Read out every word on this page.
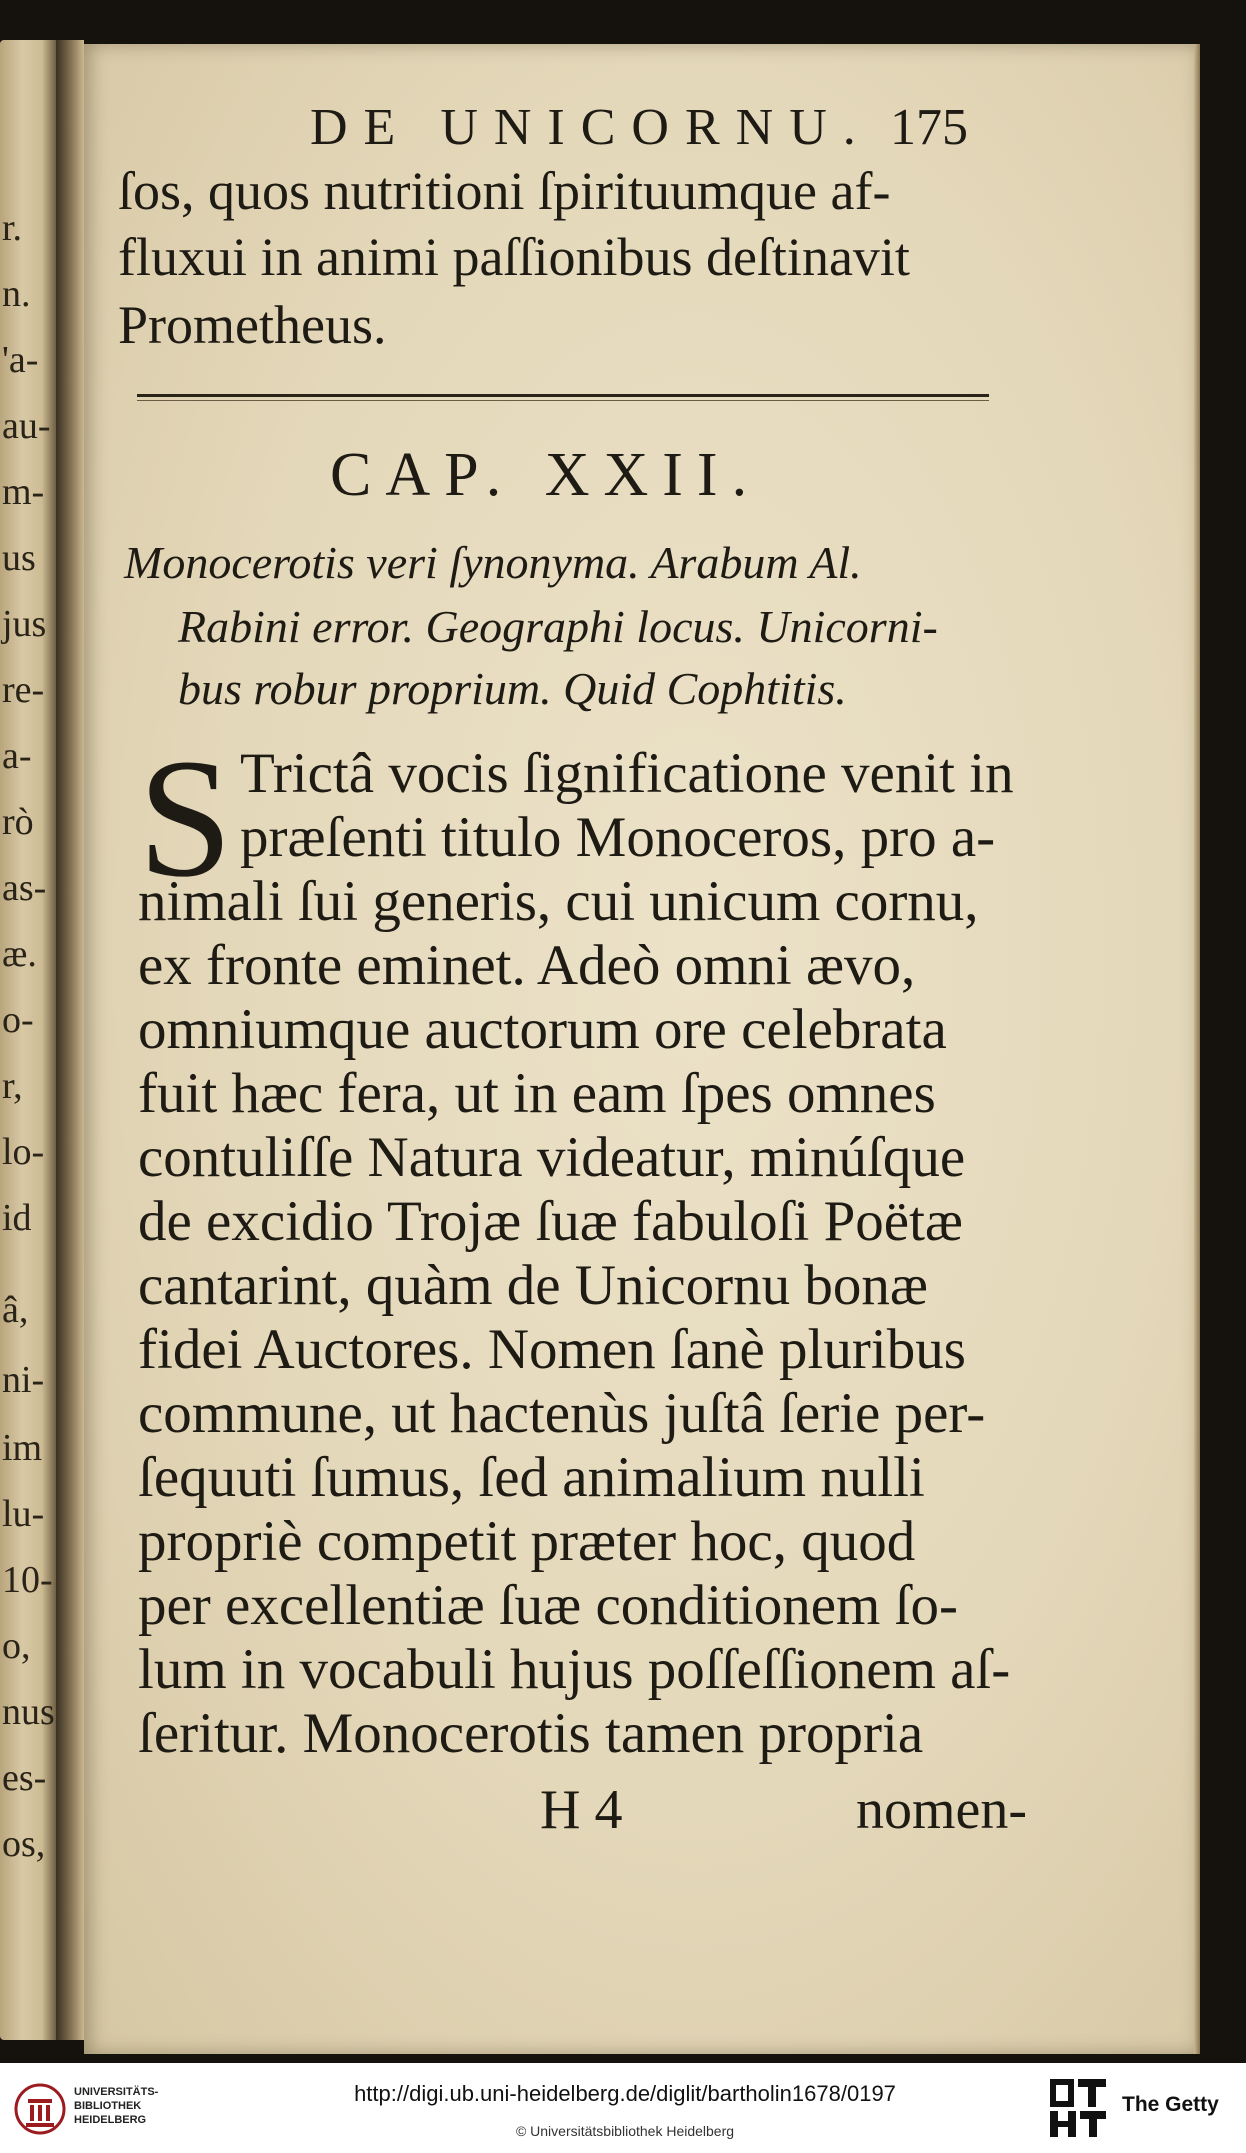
r.
n.
'a-
au-
m-
us
jus
re-
a-
rò
as-
æ.
o-
r,
lo-
id
â,
ni-
im
lu-
10-
o,
nus
es-
os,
DE UNICORNU. 175
ſos, quos nutritioni ſpirituumque af-
fluxui in animi paſſionibus deſtinavit
Prometheus.
CAP. XXII.
Monocerotis veri ſynonyma. Arabum Al.
Rabini error. Geographi locus. Unicorni-
bus robur proprium. Quid Cophtitis.
S Trictâ vocis ſignificatione venit in
præſenti titulo Monoceros, pro a-
nimali ſui generis, cui unicum cornu,
ex fronte eminet. Adeò omni ævo,
omniumque auctorum ore celebrata
fuit hæc fera, ut in eam ſpes omnes
contuliſſe Natura videatur, minúſque
de excidio Trojæ ſuæ fabuloſi Poëtæ
cantarint, quàm de Unicornu bonæ
fidei Auctores. Nomen ſanè pluribus
commune, ut hactenùs juſtâ ſerie per-
ſequuti ſumus, ſed animalium nulli
propriè competit præter hoc, quod
per excellentiæ ſuæ conditionem ſo-
lum in vocabuli hujus poſſeſſionem aſ-
H 4	nomen-
ſeritur. Monocerotis tamen propria
UNIVERSITÄTS-
BIBLIOTHEK
HEIDELBERG
http://digi.ub.uni-heidelberg.de/diglit/bartholin1678/0197
© Universitätsbibliothek Heidelberg
The Getty
